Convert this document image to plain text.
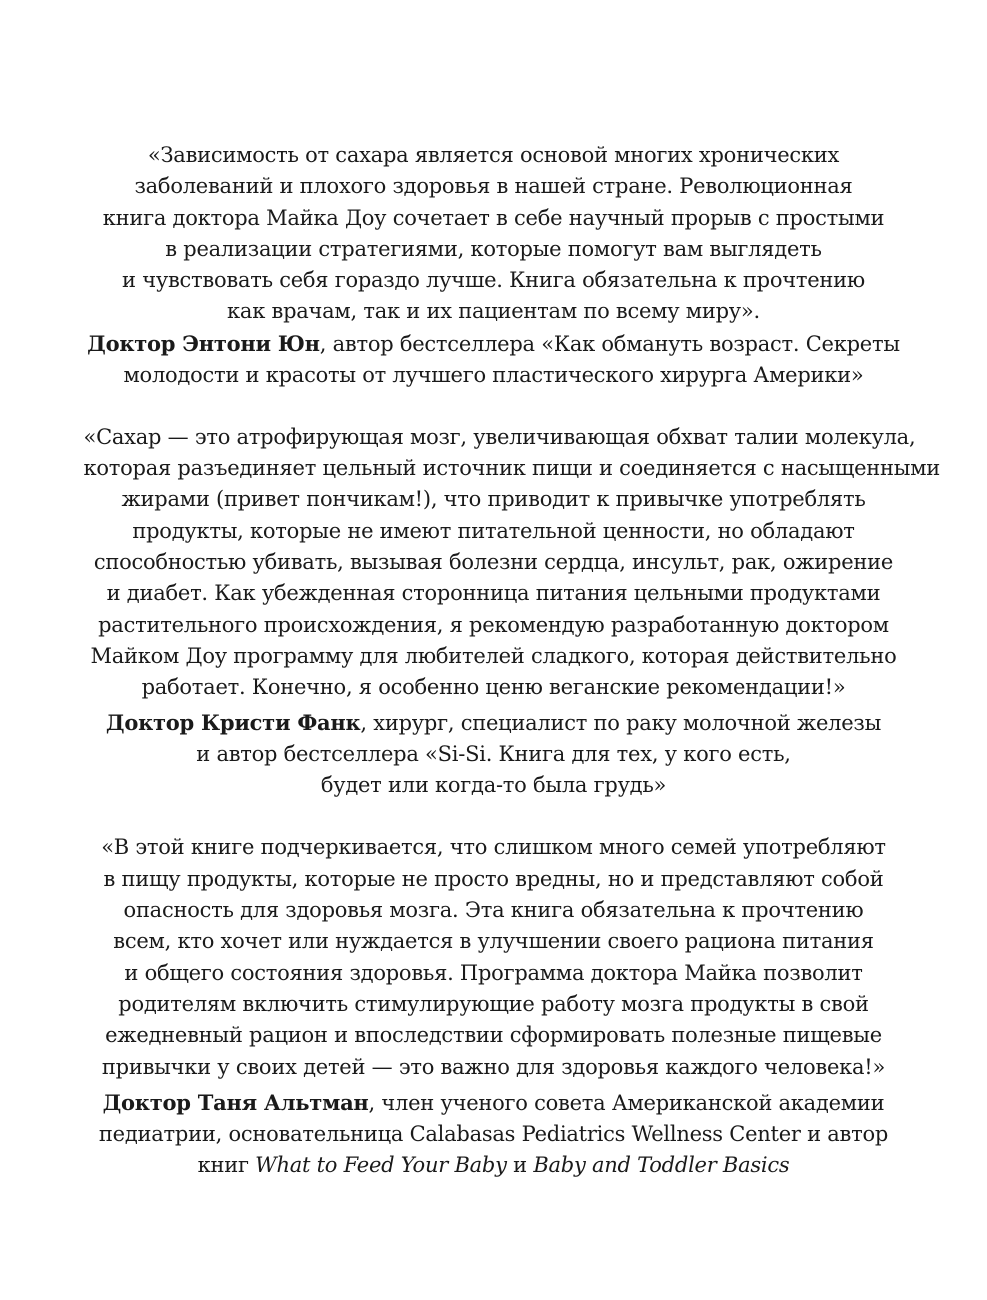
«Зависимость от сахара является основой многих хронических
заболеваний и плохого здоровья в нашей стране. Революционная
книга доктора Майка Доу сочетает в себе научный прорыв с простыми
в реализации стратегиями, которые помогут вам выглядеть
и чувствовать себя гораздо лучше. Книга обязательна к прочтению
как врачам, так и их пациентам по всему миру».
Доктор Энтони Юн, автор бестселлера «Как обмануть возраст. Секреты
молодости и красоты от лучшего пластического хирурга Америки»
«Сахар — это атрофирующая мозг, увеличивающая обхват талии молекула,
которая разъединяет цельный источник пищи и соединяется с насыщенными
жирами (привет пончикам!), что приводит к привычке употреблять
продукты, которые не имеют питательной ценности, но обладают
способностью убивать, вызывая болезни сердца, инсульт, рак, ожирение
и диабет. Как убежденная сторонница питания цельными продуктами
растительного происхождения, я рекомендую разработанную доктором
Майком Доу программу для любителей сладкого, которая действительно
работает. Конечно, я особенно ценю веганские рекомендации!»
Доктор Кристи Фанк, хирург, специалист по раку молочной железы
и автор бестселлера «Si-Si. Книга для тех, у кого есть,
будет или когда-то была грудь»
«В этой книге подчеркивается, что слишком много семей употребляют
в пищу продукты, которые не просто вредны, но и представляют собой
опасность для здоровья мозга. Эта книга обязательна к прочтению
всем, кто хочет или нуждается в улучшении своего рациона питания
и общего состояния здоровья. Программа доктора Майка позволит
родителям включить стимулирующие работу мозга продукты в свой
ежедневный рацион и впоследствии сформировать полезные пищевые
привычки у своих детей — это важно для здоровья каждого человека!»
Доктор Таня Альтман, член ученого совета Американской академии
педиатрии, основательница Calabasas Pediatrics Wellness Center и автор
книг What to Feed Your Baby и Baby and Toddler Basics
